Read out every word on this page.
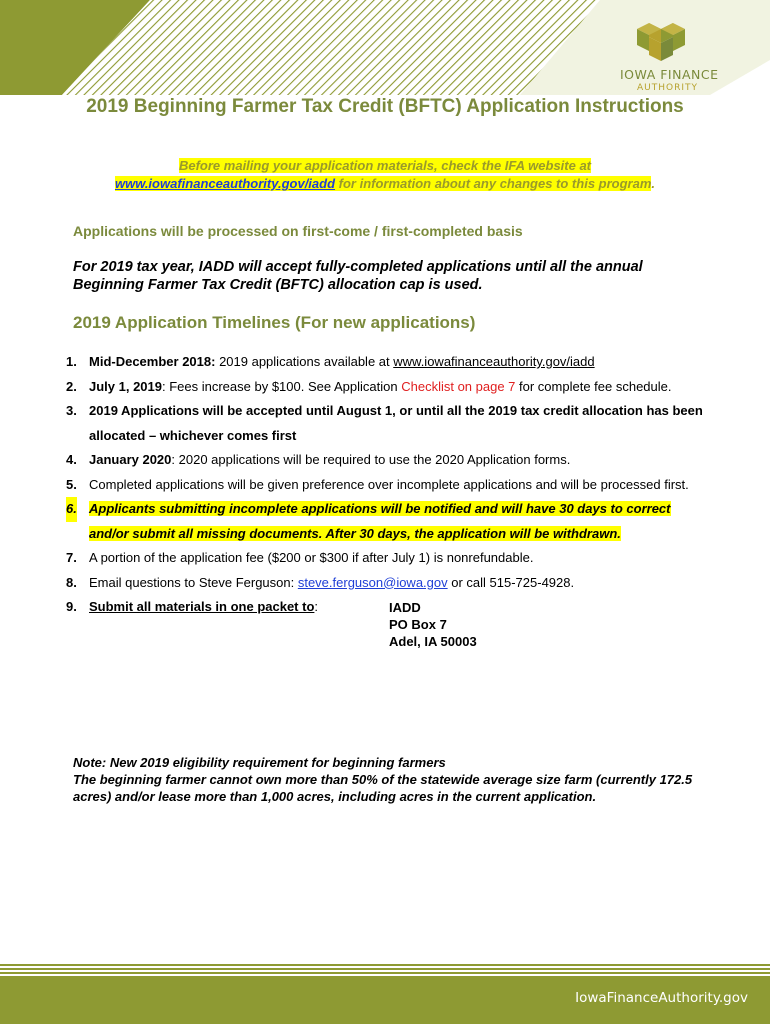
IOWA FINANCE
AUTHORITY
2019 Beginning Farmer Tax Credit (BFTC) Application Instructions
Before mailing your application materials, check the IFA website at
www.iowafinanceauthority.gov/iadd for information about any changes to this program.
Applications will be processed on first-come / first-completed basis
For 2019 tax year, IADD will accept fully-completed applications until all the annual Beginning Farmer Tax Credit (BFTC) allocation cap is used.
2019 Application Timelines (For new applications)
1. Mid-December 2018: 2019 applications available at www.iowafinanceauthority.gov/iadd
2. July 1, 2019: Fees increase by $100. See Application Checklist on page 7 for complete fee schedule.
3. 2019 Applications will be accepted until August 1, or until all the 2019 tax credit allocation has been allocated – whichever comes first
4. January 2020: 2020 applications will be required to use the 2020 Application forms.
5. Completed applications will be given preference over incomplete applications and will be processed first.
6. Applicants submitting incomplete applications will be notified and will have 30 days to correct and/or submit all missing documents. After 30 days, the application will be withdrawn.
7. A portion of the application fee ($200 or $300 if after July 1) is nonrefundable.
8. Email questions to Steve Ferguson: steve.ferguson@iowa.gov or call 515-725-4928.
9. Submit all materials in one packet to:	IADD
PO Box 7
Adel, IA 50003
Note: New 2019 eligibility requirement for beginning farmers
The beginning farmer cannot own more than 50% of the statewide average size farm (currently 172.5 acres) and/or lease more than 1,000 acres, including acres in the current application.
IowaFinanceAuthority.gov
